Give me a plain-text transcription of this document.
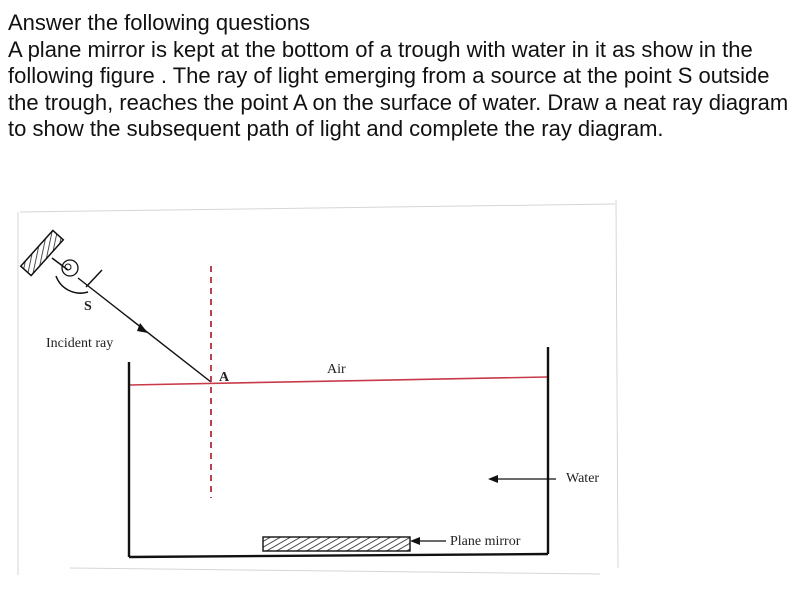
Answer the following questions

A plane mirror is kept at the bottom of a trough with water in it as show in the following figure . The ray of light emerging from a source at the point S outside the trough, reaches the point A on the surface of water. Draw a neat ray diagram to show the subsequent path of light and complete the ray diagram.

S
Incident ray
A
Air
Water
Plane mirror
